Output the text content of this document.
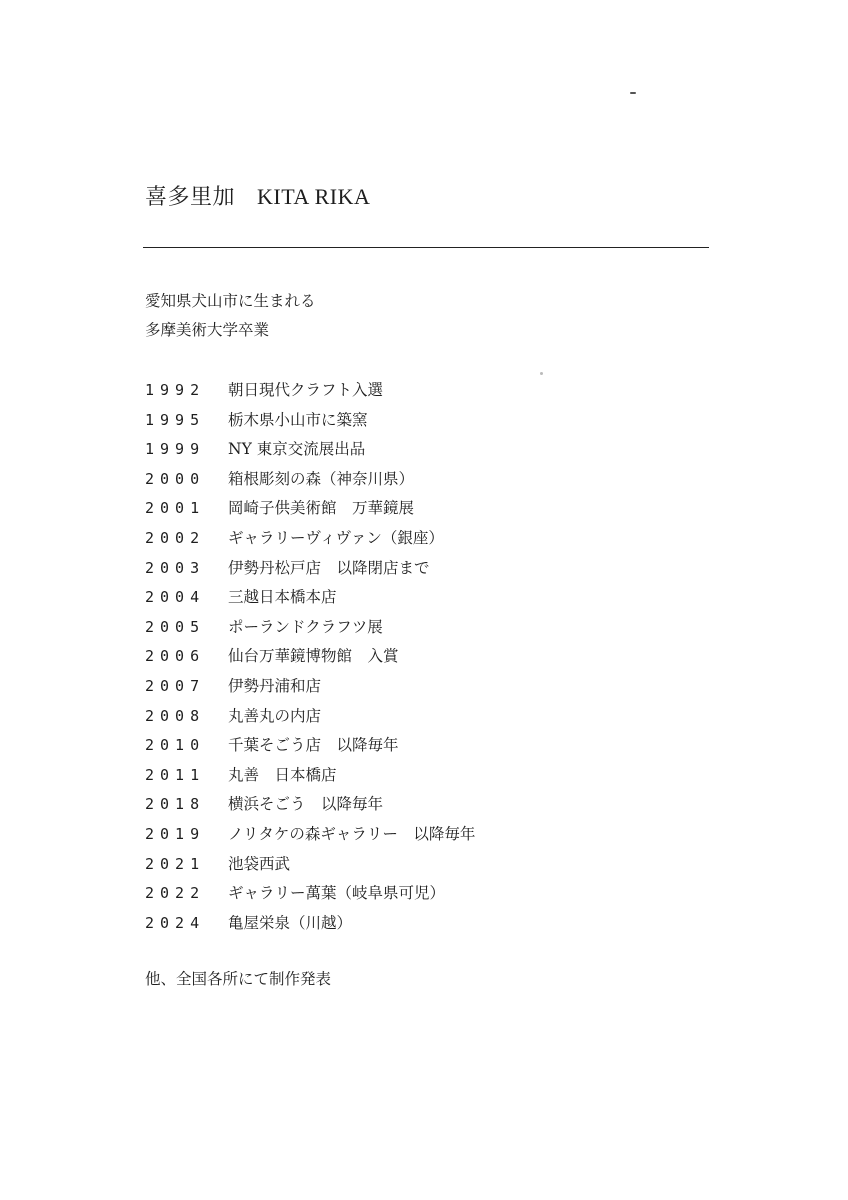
喜多里加 KITA RIKA
愛知県犬山市に生まれる
多摩美術大学卒業
1992	朝日現代クラフト入選
1995	栃木県小山市に築窯
1999	NY 東京交流展出品
2000	箱根彫刻の森（神奈川県）
2001	岡崎子供美術館　万華鏡展
2002	ギャラリーヴィヴァン（銀座）
2003	伊勢丹松戸店　以降閉店まで
2004	三越日本橋本店
2005	ポーランドクラフツ展
2006	仙台万華鏡博物館　入賞
2007	伊勢丹浦和店
2008	丸善丸の内店
2010	千葉そごう店　以降毎年
2011	丸善　日本橋店
2018	横浜そごう　以降毎年
2019	ノリタケの森ギャラリー　以降毎年
2021	池袋西武
2022	ギャラリー萬葉（岐阜県可児）
2024	亀屋栄泉（川越）
他、全国各所にて制作発表
